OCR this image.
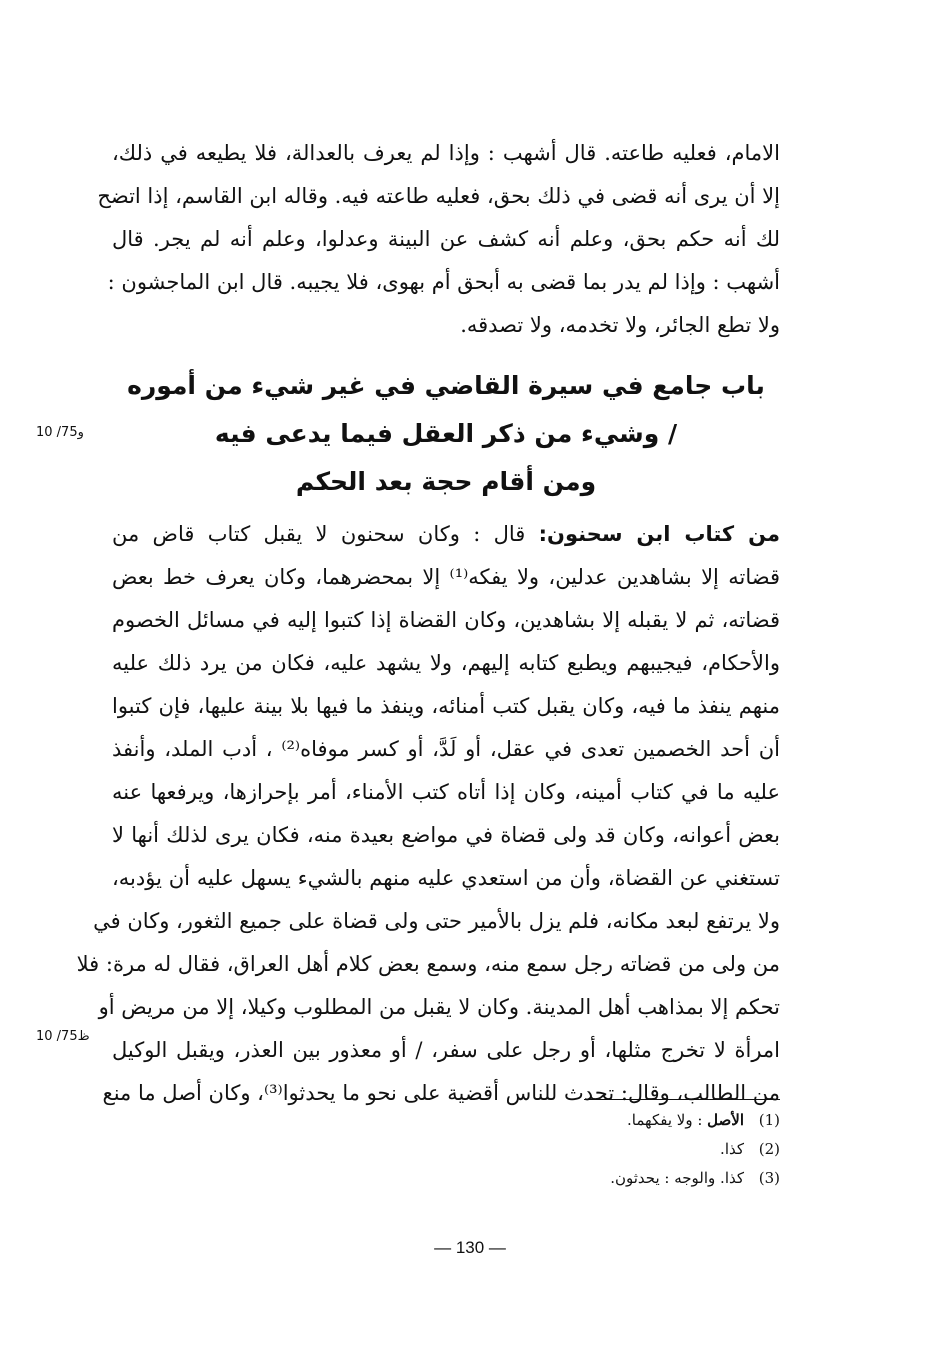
الامام، فعليه طاعته. قال أشهب : وإذا لم يعرف بالعدالة، فلا يطيعه في ذلك،
إلا أن يرى أنه قضى في ذلك بحق، فعليه طاعته فيه. وقاله ابن القاسم، إذا اتضح
لك أنه حكم بحق، وعلم أنه كشف عن البينة وعدلوا، وعلم أنه لم يجر. قال
أشهب : وإذا لم يدر بما قضى به أبحق أم بهوى، فلا يجيبه. قال ابن الماجشون :
ولا تطع الجائر، ولا تخدمه، ولا تصدقه.
باب جامع في سيرة القاضي في غير شيء من أموره
/ وشيء من ذكر العقل فيما يدعى فيه
ومن أقام حجة بعد الحكم
10 /75و
من كتاب ابن سحنون: قال : وكان سحنون لا يقبل كتاب قاض من
قضاته إلا بشاهدين عدلين، ولا يفكه⁽¹⁾ إلا بمحضرهما، وكان يعرف خط بعض
قضاته، ثم لا يقبله إلا بشاهدين، وكان القضاة إذا كتبوا إليه في مسائل الخصوم
والأحكام، فيجيبهم ويطبع كتابه إليهم، ولا يشهد عليه، فكان من يرد ذلك عليه
منهم ينفذ ما فيه، وكان يقبل كتب أمنائه، وينفذ ما فيها بلا بينة عليها، فإن كتبوا
أن أحد الخصمين تعدى في عقل، أو لَدَّ، أو كسر موفاه⁽²⁾ ، أدب الملد، وأنفذ
عليه ما في كتاب أمينه، وكان إذا أتاه كتب الأمناء، أمر بإحرازها، ويرفعها عنه
بعض أعوانه، وكان قد ولى قضاة في مواضع بعيدة منه، فكان يرى لذلك أنها لا
تستغني عن القضاة، وأن من استعدي عليه منهم بالشيء يسهل عليه أن يؤدبه،
ولا يرتفع لبعد مكانه، فلم يزل بالأمير حتى ولى قضاة على جميع الثغور، وكان في
من ولى من قضاته رجل سمع منه، وسمع بعض كلام أهل العراق، فقال له مرة: فلا
تحكم إلا بمذاهب أهل المدينة. وكان لا يقبل من المطلوب وكيلا، إلا من مريض أو
امرأة لا تخرج مثلها، أو رجل على سفر، / أو معذور بين العذر، ويقبل الوكيل
من الطالب، وقال: تحدث للناس أقضية على نحو ما يحدثوا⁽³⁾، وكان أصل ما منع
10 /75ظ
(1)الأصل : ولا يفكهما.
(2)كذا.
(3)كذا. والوجه : يحدثون.
— 130 —
